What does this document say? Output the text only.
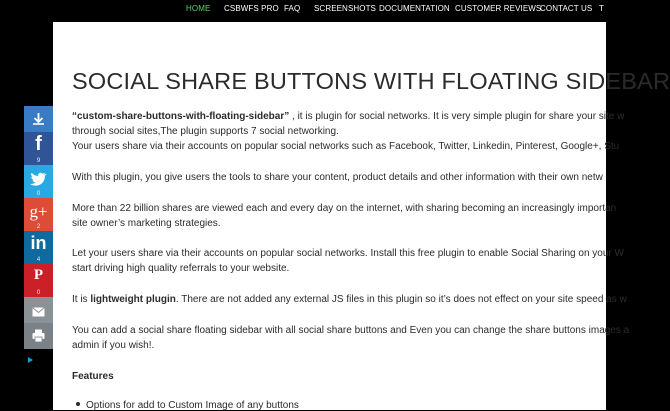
HOME CSBWFS PRO FAQ SCREENSHOTS DOCUMENTATION CUSTOMER REVIEWS
CONTACT US T
SOCIAL SHARE BUTTONS WITH FLOATING SIDEBAR

“custom-share-buttons-with-floating-sidebar” , it is plugin for social networks. It is very simple plugin for share your site w
through social sites,The plugin supports 7 social networking.
Your users share via their accounts on popular social networks such as Facebook, Twitter, Linkedin, Pinterest, Google+, Stu

With this plugin, you give users the tools to share your content, product details and other information with their own netw

More than 22 billion shares are viewed each and every day on the internet, with sharing becoming an increasingly importan
site owner’s marketing strategies.

Let your users share via their accounts on popular social networks. Install this free plugin to enable Social Sharing on your W
start driving high quality referrals to your website.

It is lightweight plugin. There are not added any external JS files in this plugin so it’s does not effect on your site speed as w

You can add a social share floating sidebar with all social share buttons and Even you can change the share buttons images a
admin if you wish!.

Features

Options for add to Custom Image of any buttons
f
9
0
g+
2
in
4
P
0
